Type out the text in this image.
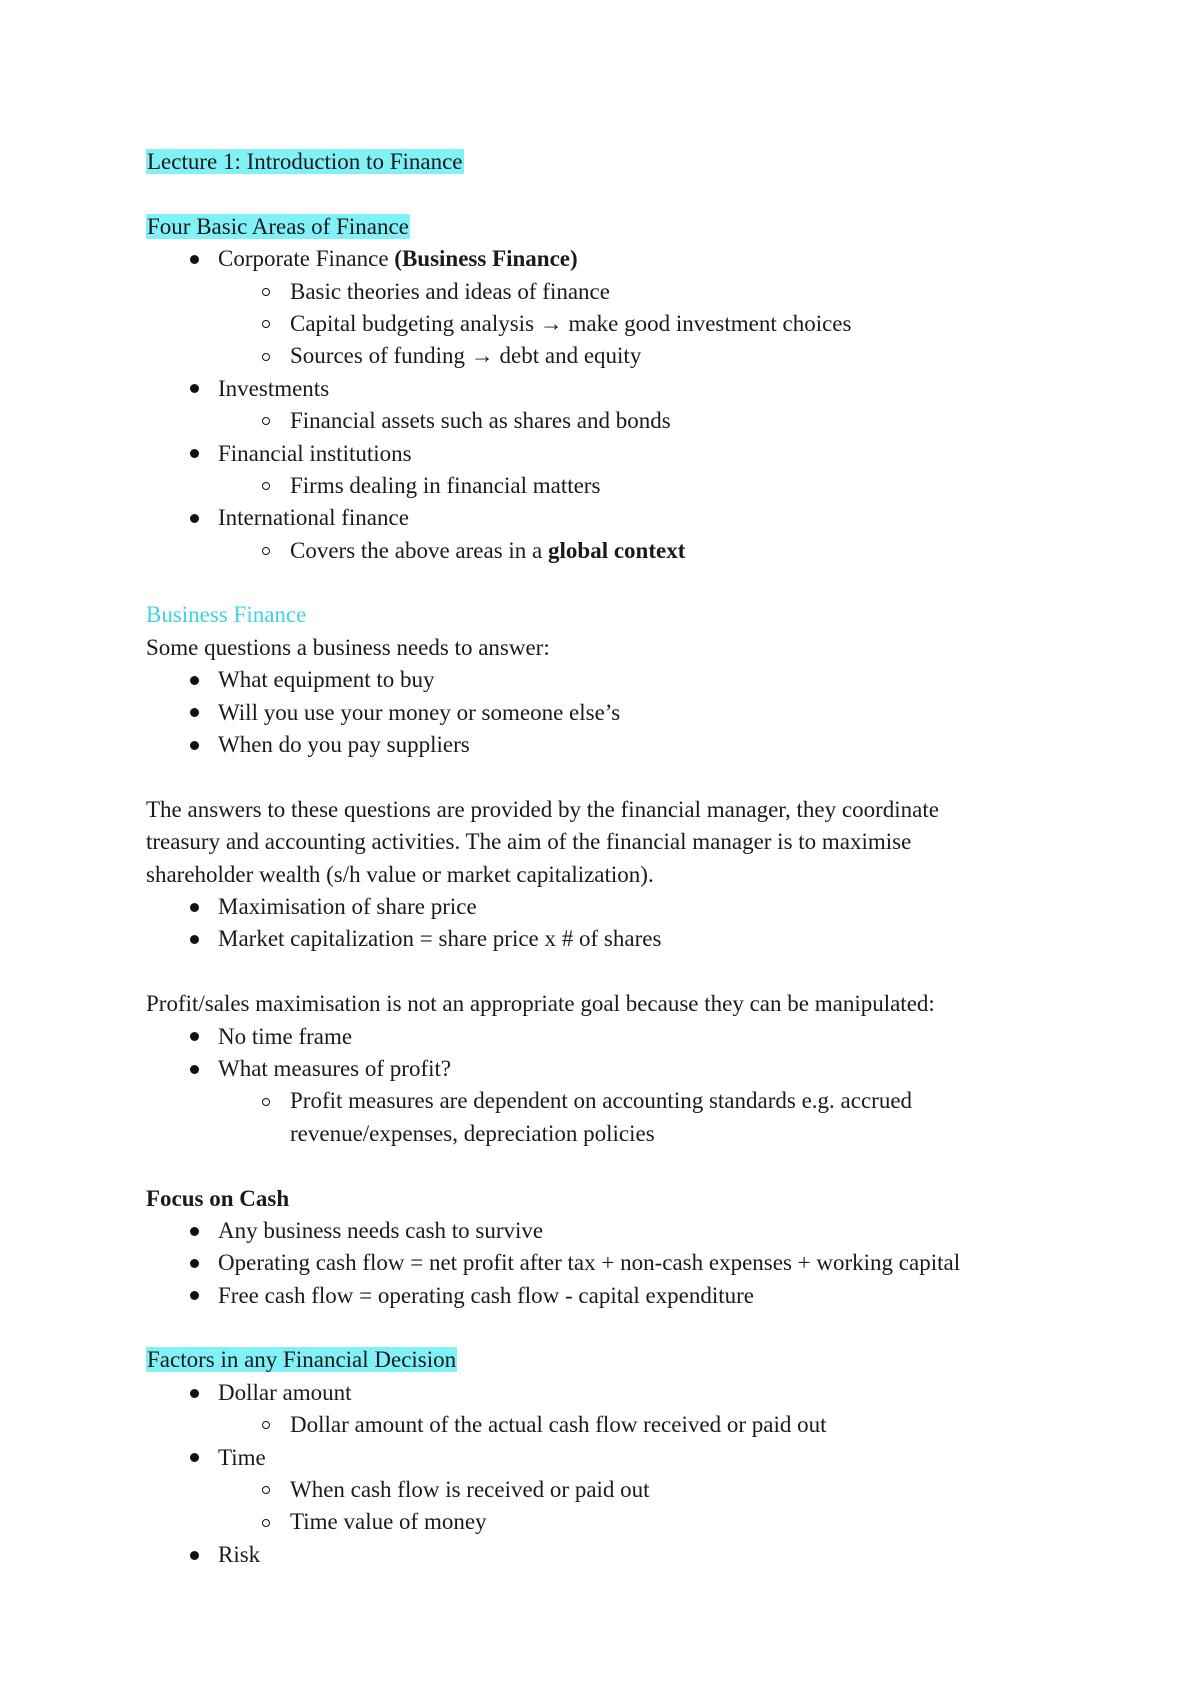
Lecture 1: Introduction to Finance
Four Basic Areas of Finance
Corporate Finance (Business Finance)
Basic theories and ideas of finance
Capital budgeting analysis → make good investment choices
Sources of funding → debt and equity
Investments
Financial assets such as shares and bonds
Financial institutions
Firms dealing in financial matters
International finance
Covers the above areas in a global context
Business Finance
Some questions a business needs to answer:
What equipment to buy
Will you use your money or someone else’s
When do you pay suppliers
The answers to these questions are provided by the financial manager, they coordinate
treasury and accounting activities. The aim of the financial manager is to maximise
shareholder wealth (s/h value or market capitalization).
Maximisation of share price
Market capitalization = share price x # of shares
Profit/sales maximisation is not an appropriate goal because they can be manipulated:
No time frame
What measures of profit?
Profit measures are dependent on accounting standards e.g. accrued
revenue/expenses, depreciation policies
Focus on Cash
Any business needs cash to survive
Operating cash flow = net profit after tax + non-cash expenses + working capital
Free cash flow = operating cash flow - capital expenditure
Factors in any Financial Decision
Dollar amount
Dollar amount of the actual cash flow received or paid out
Time
When cash flow is received or paid out
Time value of money
Risk
